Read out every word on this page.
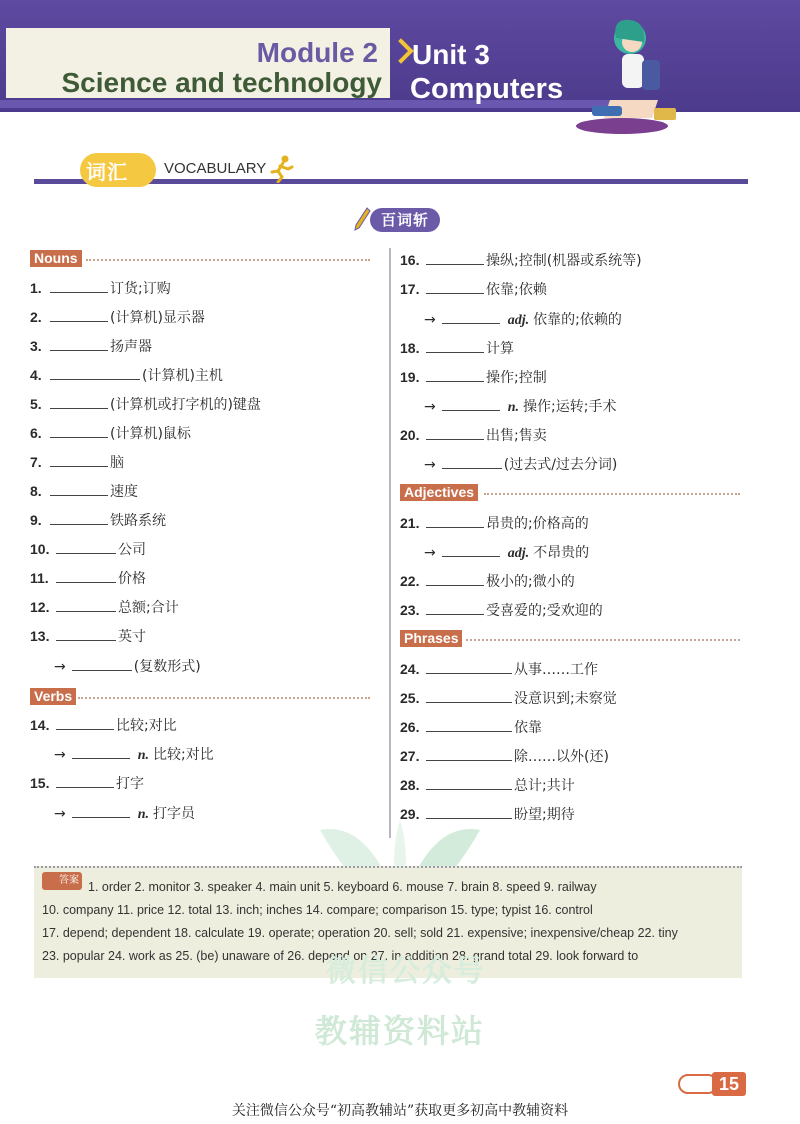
Module 2
Science and technology
Unit 3
Computers
词汇 VOCABULARY
百词斩
Nouns
Verbs
Adjectives
Phrases
1.	订货;订购
2.	(计算机)显示器
3.	扬声器
4.	(计算机)主机
5.	(计算机或打字机的)键盘
6.	(计算机)鼠标
7.	脑
8.	速度
9.	铁路系统
10.	公司
11.	价格
12.	总额;合计
13.	英寸
→	(复数形式)
14.	比较;对比
→	n. 比较;对比
15.	打字
→	n. 打字员
16.	操纵;控制(机器或系统等)
17.	依靠;依赖
→	adj. 依靠的;依赖的
18.	计算
19.	操作;控制
→	n. 操作;运转;手术
20.	出售;售卖
→	(过去式/过去分词)
21.	昂贵的;价格高的
→	adj. 不昂贵的
22.	极小的;微小的
23.	受喜爱的;受欢迎的
24.	从事……工作
25.	没意识到;未察觉
26.	依靠
27.	除……以外(还)
28.	总计;共计
29.	盼望;期待
答案 1. order 2. monitor 3. speaker 4. main unit 5. keyboard 6. mouse 7. brain 8. speed 9. railway
10. company 11. price 12. total 13. inch; inches 14. compare; comparison 15. type; typist 16. control
17. depend; dependent 18. calculate 19. operate; operation 20. sell; sold 21. expensive; inexpensive/cheap 22. tiny
23. popular 24. work as 25. (be) unaware of 26. depend on 27. in addition 28. grand total 29. look forward to
微信公众号
教辅资料站
15
关注微信公众号“初高教辅站”获取更多初高中教辅资料
